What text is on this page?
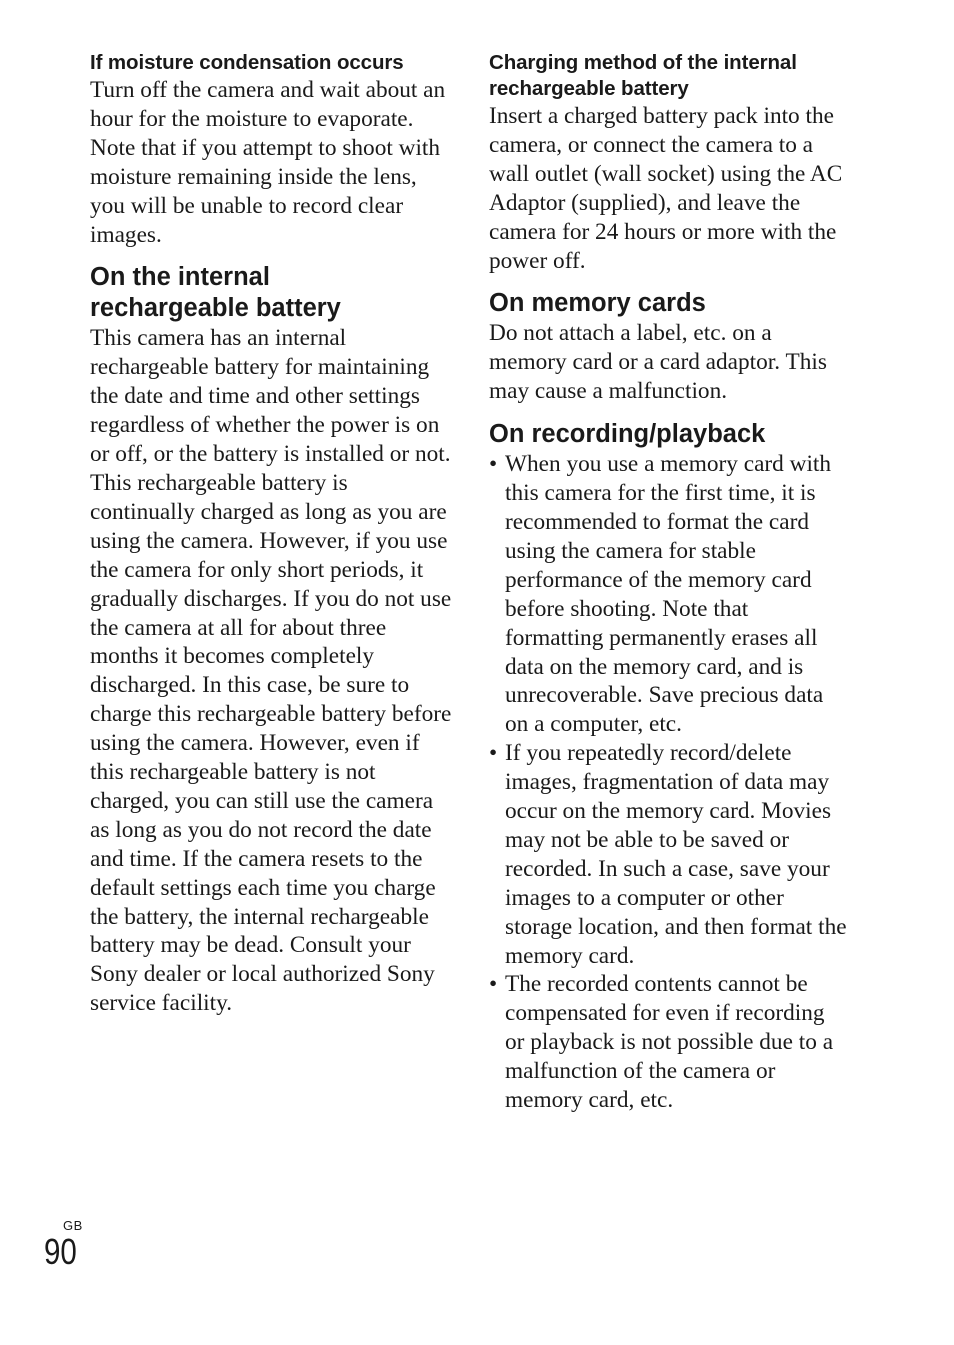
If moisture condensation occurs

Turn off the camera and wait about an hour for the moisture to evaporate. Note that if you attempt to shoot with moisture remaining inside the lens, you will be unable to record clear images.

On the internal rechargeable battery

This camera has an internal rechargeable battery for maintaining the date and time and other settings regardless of whether the power is on or off, or the battery is installed or not. This rechargeable battery is continually charged as long as you are using the camera. However, if you use the camera for only short periods, it gradually discharges. If you do not use the camera at all for about three months it becomes completely discharged. In this case, be sure to charge this rechargeable battery before using the camera. However, even if this rechargeable battery is not charged, you can still use the camera as long as you do not record the date and time. If the camera resets to the default settings each time you charge the battery, the internal rechargeable battery may be dead. Consult your Sony dealer or local authorized Sony service facility.

Charging method of the internal rechargeable battery

Insert a charged battery pack into the camera, or connect the camera to a wall outlet (wall socket) using the AC Adaptor (supplied), and leave the camera for 24 hours or more with the power off.

On memory cards

Do not attach a label, etc. on a memory card or a card adaptor. This may cause a malfunction.

On recording/playback
• When you use a memory card with this camera for the first time, it is recommended to format the card using the camera for stable performance of the memory card before shooting. Note that formatting permanently erases all data on the memory card, and is unrecoverable. Save precious data on a computer, etc.
• If you repeatedly record/delete images, fragmentation of data may occur on the memory card. Movies may not be able to be saved or recorded. In such a case, save your images to a computer or other storage location, and then format the memory card.
• The recorded contents cannot be compensated for even if recording or playback is not possible due to a malfunction of the camera or memory card, etc.
GB
90
